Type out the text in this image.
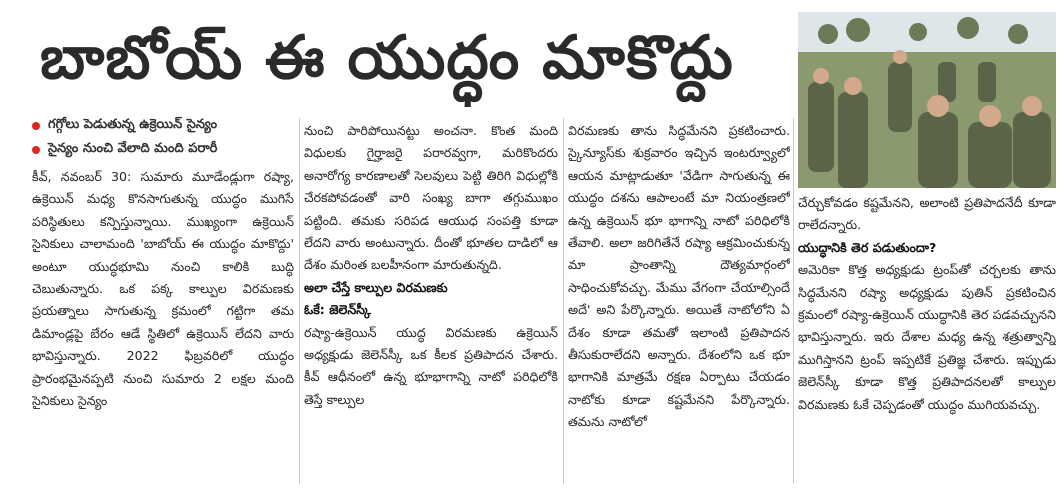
బాబోయ్ ఈ యుద్ధం మాకొద్దు
గగ్గోలు పెడుతున్న ఉక్రెయిన్ సైన్యం
సైన్యం నుంచి వేలాది మంది పరారీ

కీవ్, నవంబర్ 30: సుమారు మూడేండ్లుగా రష్యా, ఉక్రెయిన్ మధ్య కొనసాగుతున్న యుద్ధం ముగిసే పరిస్థితులు కన్పిస్తున్నాయి. ముఖ్యంగా ఉక్రెయిన్ సైనికులు చాలామంది 'బాబోయ్ ఈ యుద్ధం మాకొద్దు' అంటూ యుద్ధభూమి నుంచి కాలికి బుద్ధి చెబుతున్నారు. ఒక పక్క కాల్పుల విరమణకు ప్రయత్నాలు సాగుతున్న క్రమంలో గట్టిగా తమ డిమాండ్లపై బేరం ఆడే స్థితిలో ఉక్రెయిన్ లేదని వారు భావిస్తున్నారు. 2022 ఫిబ్రవరిలో యుద్ధం ప్రారంభమైనప్పటి నుంచి సుమారు 2 లక్షల మంది సైనికులు సైన్యం

నుంచి పారిపోయినట్టు అంచనా. కొంత మంది విధులకు గైర్హాజరై పరారవ్వగా, మరికొందరు అనారోగ్య కారణాలతో సెలవులు పెట్టి తిరిగి విధుల్లోకి చేరకపోవడంతో వారి సంఖ్య బాగా తగ్గుముఖం పట్టింది. తమకు సరిపడ ఆయుధ సంపత్తి కూడా లేదని వారు అంటున్నారు. దీంతో భూతల దాడిలో ఆ దేశం మరింత బలహీనంగా మారుతున్నది.

అలా చేస్తే కాల్పుల విరమణకు

ఓకే: జెలెన్‌స్కీ

రష్యా-ఉక్రెయిన్ యుద్ధ విరమణకు ఉక్రెయిన్ అధ్యక్షుడు జెలెన్‌స్కీ ఒక కీలక ప్రతిపాదన చేశారు. కీవ్ ఆధీనంలో ఉన్న భూభాగాన్ని నాటో పరిధిలోకి తెస్తే కాల్పుల

విరమణకు తాను సిద్ధమేనని ప్రకటించారు. స్కైన్యూస్‌కు శుక్రవారం ఇచ్చిన ఇంటర్వ్యూలో ఆయన మాట్లాడుతూ 'వేడిగా సాగుతున్న ఈ యుద్ధం దశను ఆపాలంటే మా నియంత్రణలో ఉన్న ఉక్రెయిన్ భూ భాగాన్ని నాటో పరిధిలోకి తేవాలి. అలా జరిగితేనే రష్యా ఆక్రమించుకున్న మా ప్రాంతాన్ని దౌత్యమార్గంలో సాధించుకోవచ్చు. మేము వేగంగా చేయాల్సిందే అదే' అని పేర్కొన్నారు. అయితే నాటోలోని ఏ దేశం కూడా తమతో ఇలాంటి ప్రతిపాదన తీసుకురాలేదని అన్నారు. దేశంలోని ఒక భూ భాగానికి మాత్రమే రక్షణ ఏర్పాటు చేయడం నాటోకు కూడా కష్టమేనని పేర్కొన్నారు. తమను నాటోలో

చేర్చుకోవడం కష్టమేనని, అలాంటి ప్రతిపాదనేదీ కూడా రాలేదన్నారు.

యుద్ధానికి తెర పడుతుందా?

అమెరికా కొత్త అధ్యక్షుడు ట్రంప్‌తో చర్చలకు తాను సిద్ధమేనని రష్యా అధ్యక్షుడు పుతిన్ ప్రకటించిన క్రమంలో రష్యా-ఉక్రెయిన్ యుద్ధానికి తెర పడవచ్చునని భావిస్తున్నారు. ఇరు దేశాల మధ్య ఉన్న శత్రుత్వాన్ని ముగిస్తానని ట్రంప్ ఇప్పటికే ప్రతిజ్ఞ చేశారు. ఇప్పుడు జెలెన్‌స్కీ కూడా కొత్త ప్రతిపాదనలతో కాల్పుల విరమణకు ఓకే చెప్పడంతో యుద్ధం ముగియవచ్చు.
